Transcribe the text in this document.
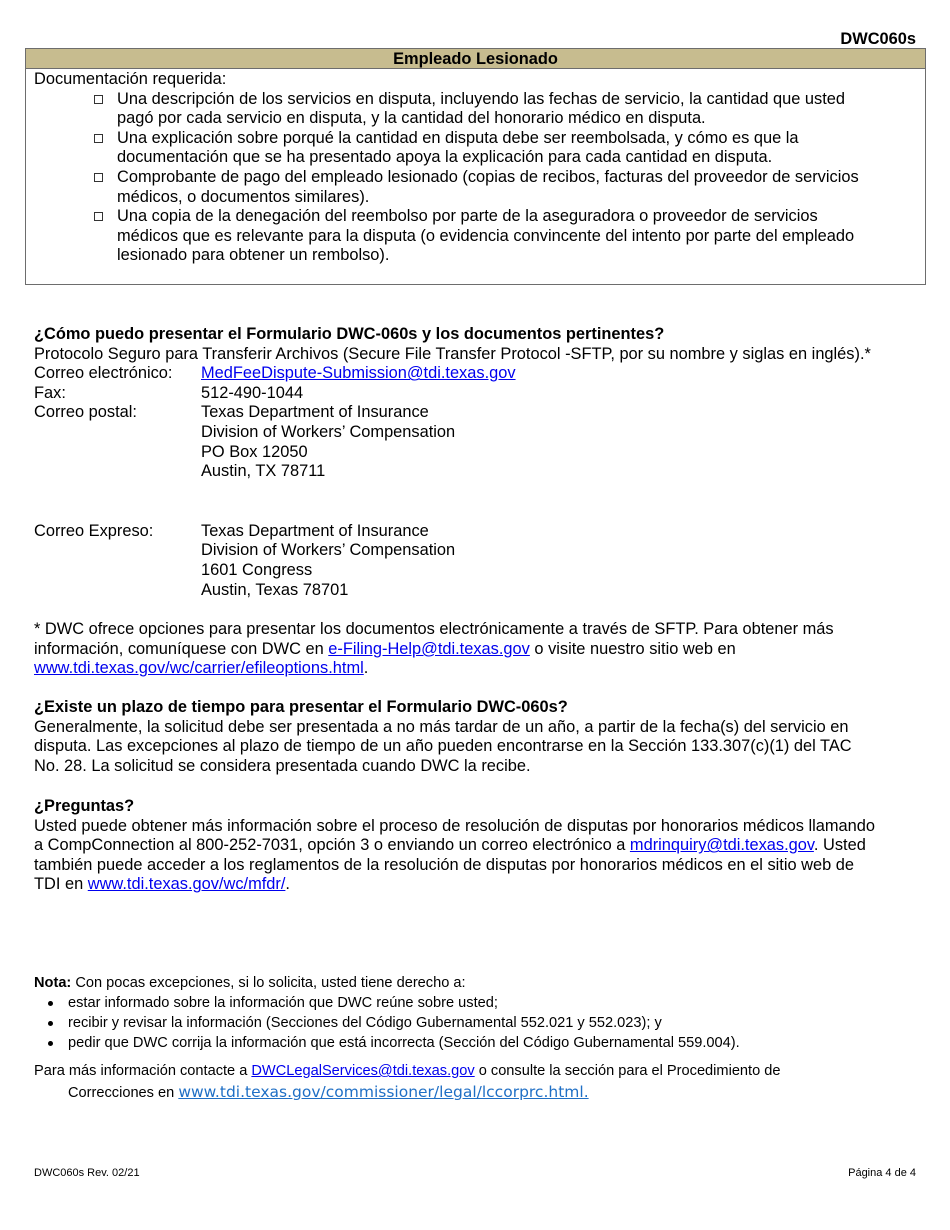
DWC060s
Empleado Lesionado
Documentación requerida:
Una descripción de los servicios en disputa, incluyendo las fechas de servicio, la cantidad que usted
pagó por cada servicio en disputa, y la cantidad del honorario médico en disputa.
Una explicación sobre porqué la cantidad en disputa debe ser reembolsada, y cómo es que la
documentación que se ha presentado apoya la explicación para cada cantidad en disputa.
Comprobante de pago del empleado lesionado (copias de recibos, facturas del proveedor de servicios
médicos, o documentos similares).
Una copia de la denegación del reembolso por parte de la aseguradora o proveedor de servicios
médicos que es relevante para la disputa (o evidencia convincente del intento por parte del empleado
lesionado para obtener un rembolso).
¿Cómo puedo presentar el Formulario DWC-060s y los documentos pertinentes?
Protocolo Seguro para Transferir Archivos (Secure File Transfer Protocol -SFTP, por su nombre y siglas en inglés).*
Correo electrónico:	MedFeeDispute-Submission@tdi.texas.gov
Fax:	512-490-1044
Correo postal:	Texas Department of Insurance
Division of Workers’ Compensation
PO Box 12050
Austin, TX 78711
Correo Expreso:	Texas Department of Insurance
Division of Workers’ Compensation
1601 Congress
Austin, Texas 78701
* DWC ofrece opciones para presentar los documentos electrónicamente a través de SFTP. Para obtener más
información, comuníquese con DWC en e-Filing-Help@tdi.texas.gov o visite nuestro sitio web en
www.tdi.texas.gov/wc/carrier/efileoptions.html.
¿Existe un plazo de tiempo para presentar el Formulario DWC-060s?
Generalmente, la solicitud debe ser presentada a no más tardar de un año, a partir de la fecha(s) del servicio en
disputa. Las excepciones al plazo de tiempo de un año pueden encontrarse en la Sección 133.307(c)(1) del TAC
No. 28. La solicitud se considera presentada cuando DWC la recibe.
¿Preguntas?
Usted puede obtener más información sobre el proceso de resolución de disputas por honorarios médicos llamando
a CompConnection al 800-252-7031, opción 3 o enviando un correo electrónico a mdrinquiry@tdi.texas.gov. Usted
también puede acceder a los reglamentos de la resolución de disputas por honorarios médicos en el sitio web de
TDI en www.tdi.texas.gov/wc/mfdr/.
Nota: Con pocas excepciones, si lo solicita, usted tiene derecho a:
estar informado sobre la información que DWC reúne sobre usted;
recibir y revisar la información (Secciones del Código Gubernamental 552.021 y 552.023); y
pedir que DWC corrija la información que está incorrecta (Sección del Código Gubernamental 559.004).
Para más información contacte a DWCLegalServices@tdi.texas.gov o consulte la sección para el Procedimiento de
Correcciones en www.tdi.texas.gov/commissioner/legal/lccorprc.html.
DWC060s Rev. 02/21	Página 4 de 4
